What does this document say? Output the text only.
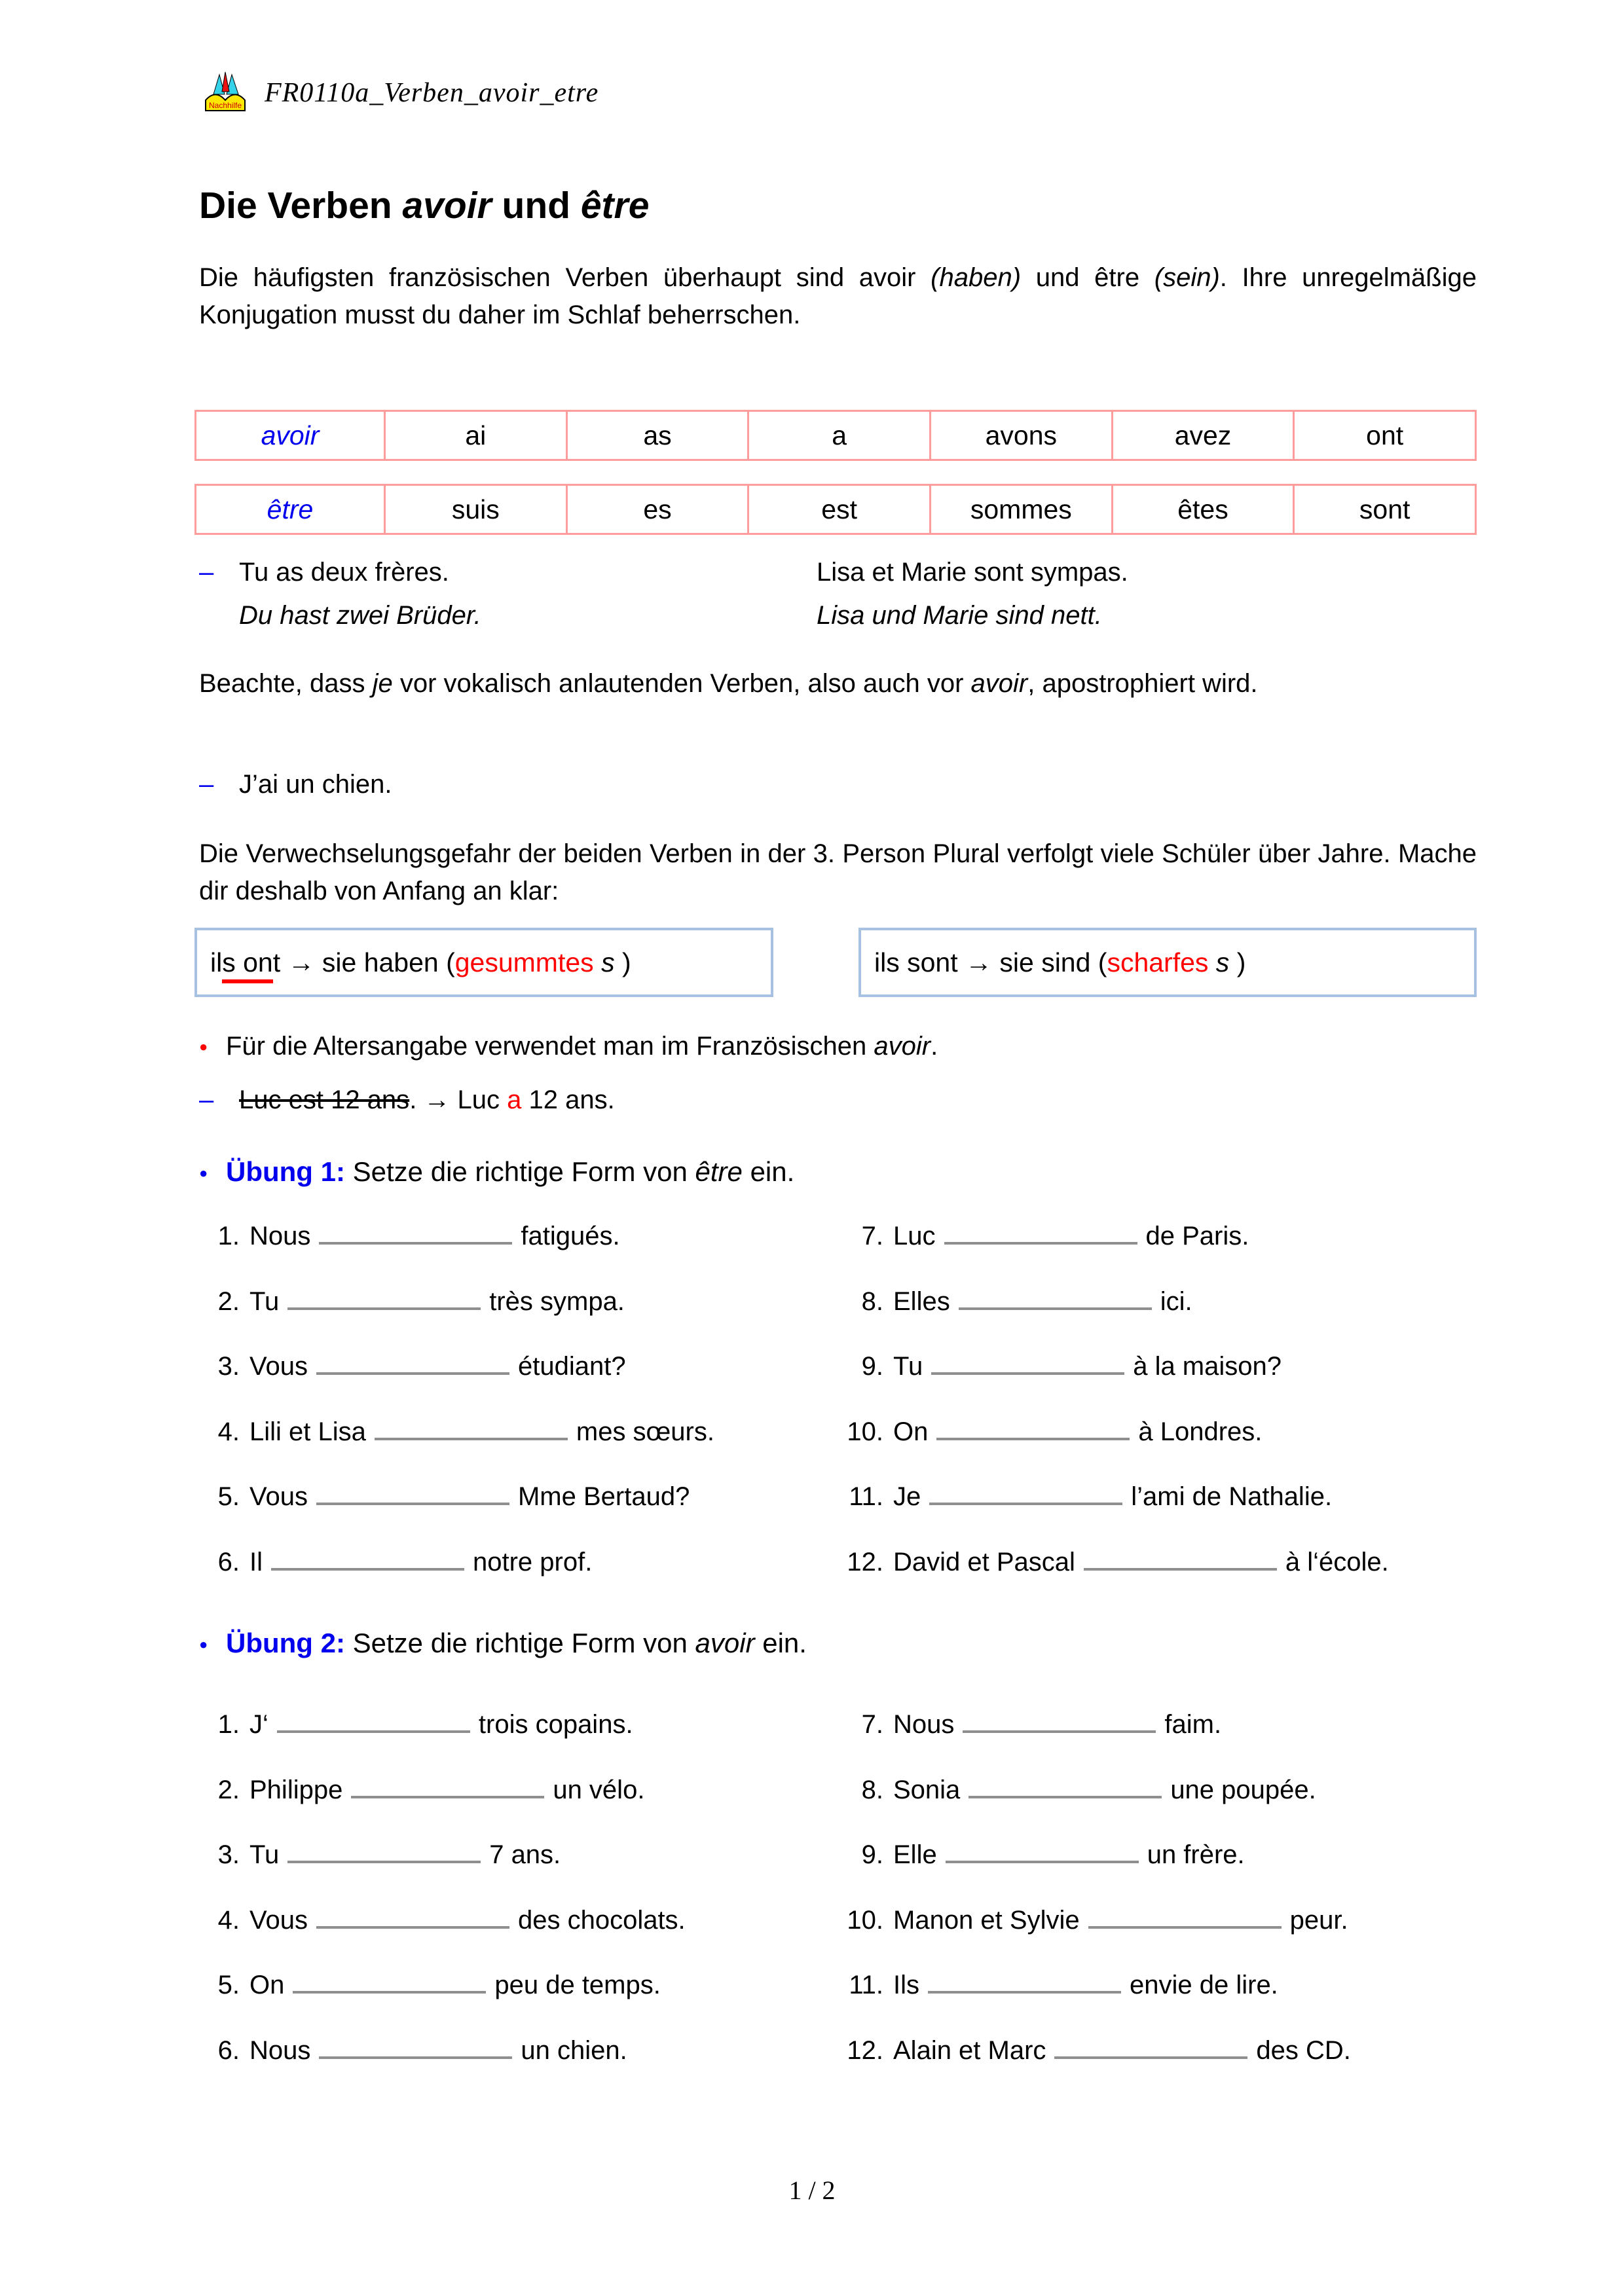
Nachhilfe FR0110a_Verben_avoir_etre
Die Verben avoir und être

Die häufigsten französischen Verben überhaupt sind avoir (haben) und être (sein). Ihre unregelmäßige Konjugation musst du daher im Schlaf beherrschen.

avoir	ai	as	a	avons	avez	ont
être	suis	es	est	sommes	êtes	sont
– Tu as deux frères.	Lisa et Marie sont sympas.
Du hast zwei Brüder.	Lisa und Marie sind nett.

Beachte, dass je vor vokalisch anlautenden Verben, also auch vor avoir, apostrophiert wird.

– J’ai un chien.

Die Verwechselungsgefahr der beiden Verben in der 3. Person Plural verfolgt viele Schüler über Jahre. Mache dir deshalb von Anfang an klar:

ils ont → sie haben (gesummtes s )	ils sont → sie sind (scharfes s )
● Für die Altersangabe verwendet man im Französischen avoir.
– Luc est 12 ans. → Luc a 12 ans.
● Übung 1: Setze die richtige Form von être ein.
1. Nous	fatigués.
2. Tu	très sympa.
3. Vous	étudiant?
4. Lili et Lisa	mes sœurs.
5. Vous	Mme Bertaud?
6. Il	notre prof.
7. Luc	de Paris.
8. Elles	ici.
9. Tu	à la maison?
10. On	à Londres.
11. Je	l’ami de Nathalie.
12. David et Pascal	à l‘école.
● Übung 2: Setze die richtige Form von avoir ein.
1. J‘	trois copains.
2. Philippe	un vélo.
3. Tu	7 ans.
4. Vous	des chocolats.
5. On	peu de temps.
6. Nous	un chien.
7. Nous	faim.
8. Sonia	une poupée.
9. Elle	un frère.
10. Manon et Sylvie	peur.
11. Ils	envie de lire.
12. Alain et Marc	des CD.
1 / 2
